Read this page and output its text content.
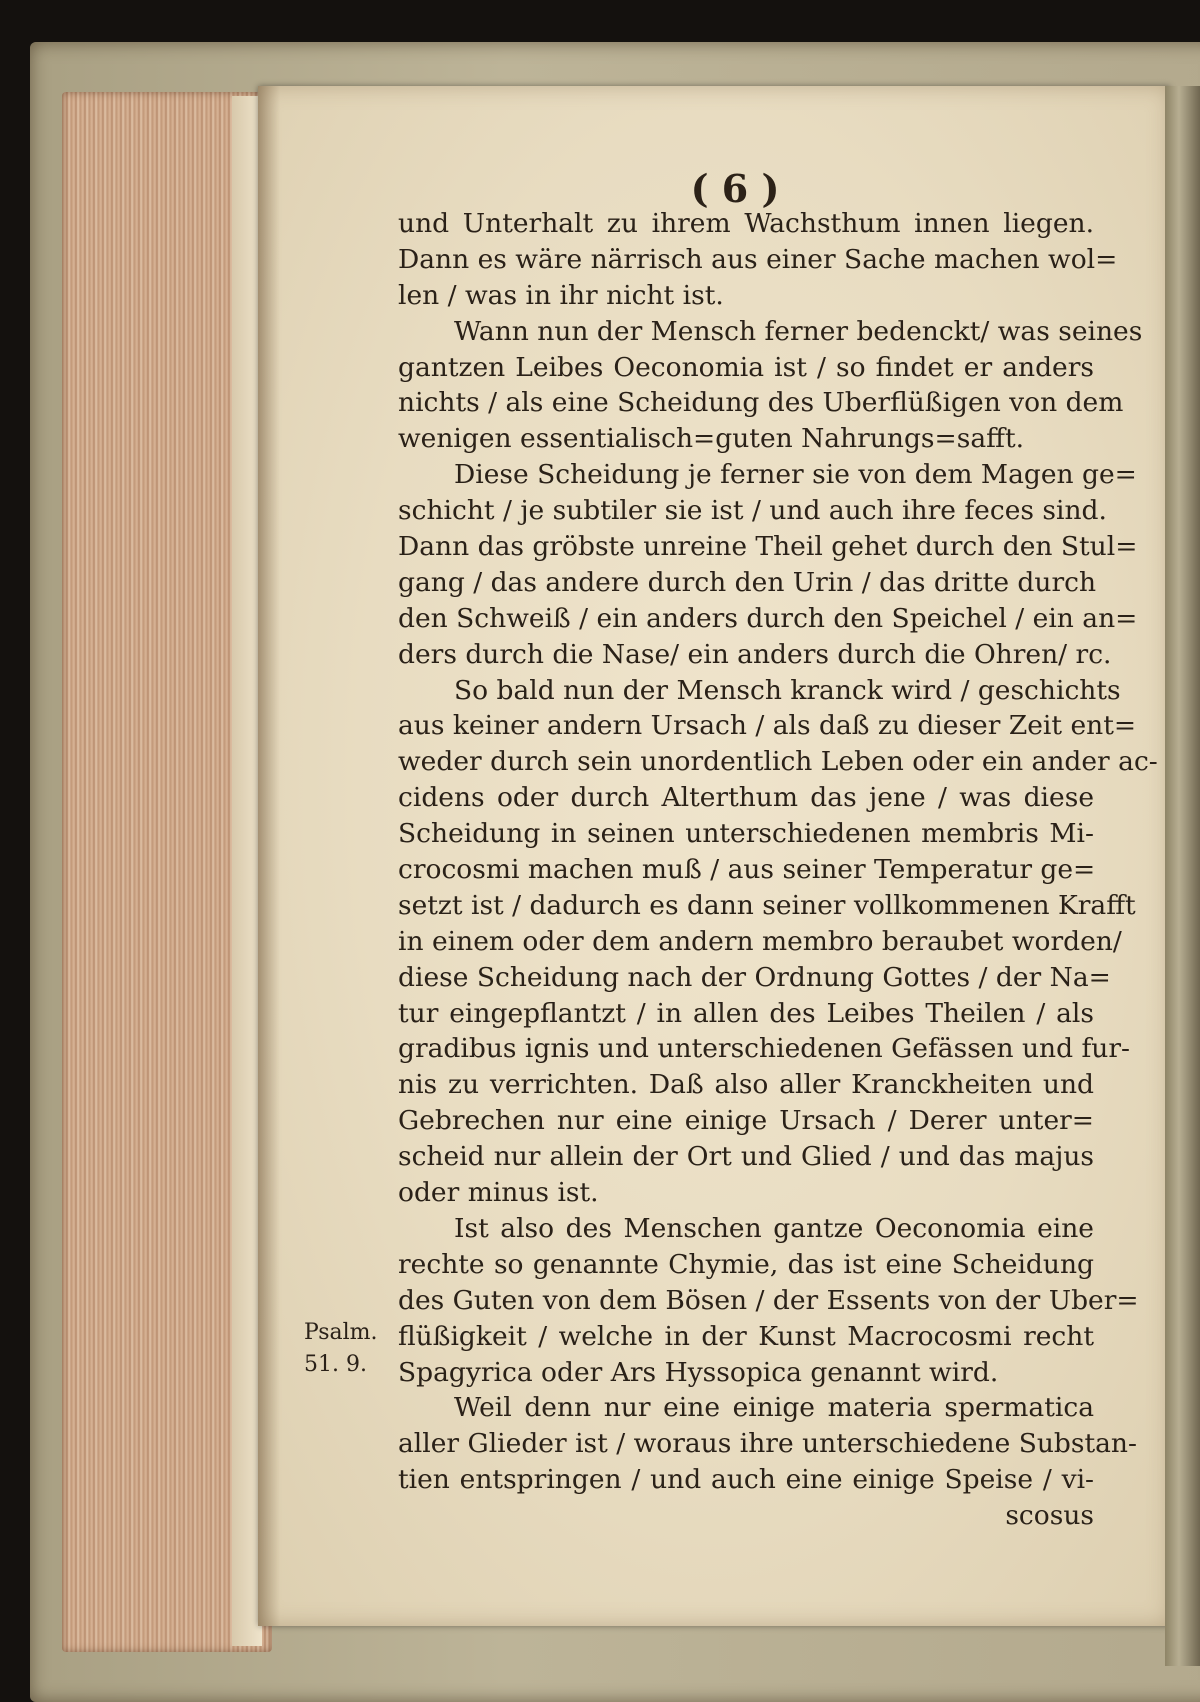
( 6 )
Psalm.
51. 9.
und Unterhalt zu ihrem Wachsthum innen liegen.
Dann es wäre närrisch aus einer Sache machen wol=
len / was in ihr nicht ist.
Wann nun der Mensch ferner bedenckt/ was seines
gantzen Leibes Oeconomia ist / so findet er anders
nichts / als eine Scheidung des Uberflüßigen von dem
wenigen essentialisch=guten Nahrungs=safft.
Diese Scheidung je ferner sie von dem Magen ge=
schicht / je subtiler sie ist / und auch ihre feces sind.
Dann das gröbste unreine Theil gehet durch den Stul=
gang / das andere durch den Urin / das dritte durch
den Schweiß / ein anders durch den Speichel / ein an=
ders durch die Nase/ ein anders durch die Ohren/ rc.
So bald nun der Mensch kranck wird / geschichts
aus keiner andern Ursach / als daß zu dieser Zeit ent=
weder durch sein unordentlich Leben oder ein ander ac-
cidens oder durch Alterthum das jene / was diese
Scheidung in seinen unterschiedenen membris Mi-
crocosmi machen muß / aus seiner Temperatur ge=
setzt ist / dadurch es dann seiner vollkommenen Krafft
in einem oder dem andern membro beraubet worden/
diese Scheidung nach der Ordnung Gottes / der Na=
tur eingepflantzt / in allen des Leibes Theilen / als
gradibus ignis und unterschiedenen Gefässen und fur-
nis zu verrichten. Daß also aller Kranckheiten und
Gebrechen nur eine einige Ursach / Derer unter=
scheid nur allein der Ort und Glied / und das majus
oder minus ist.
Ist also des Menschen gantze Oeconomia eine
rechte so genannte Chymie, das ist eine Scheidung
des Guten von dem Bösen / der Essents von der Uber=
flüßigkeit / welche in der Kunst Macrocosmi recht
Spagyrica oder Ars Hyssopica genannt wird.
Weil denn nur eine einige materia spermatica
aller Glieder ist / woraus ihre unterschiedene Substan-
tien entspringen / und auch eine einige Speise / vi-
scosus
